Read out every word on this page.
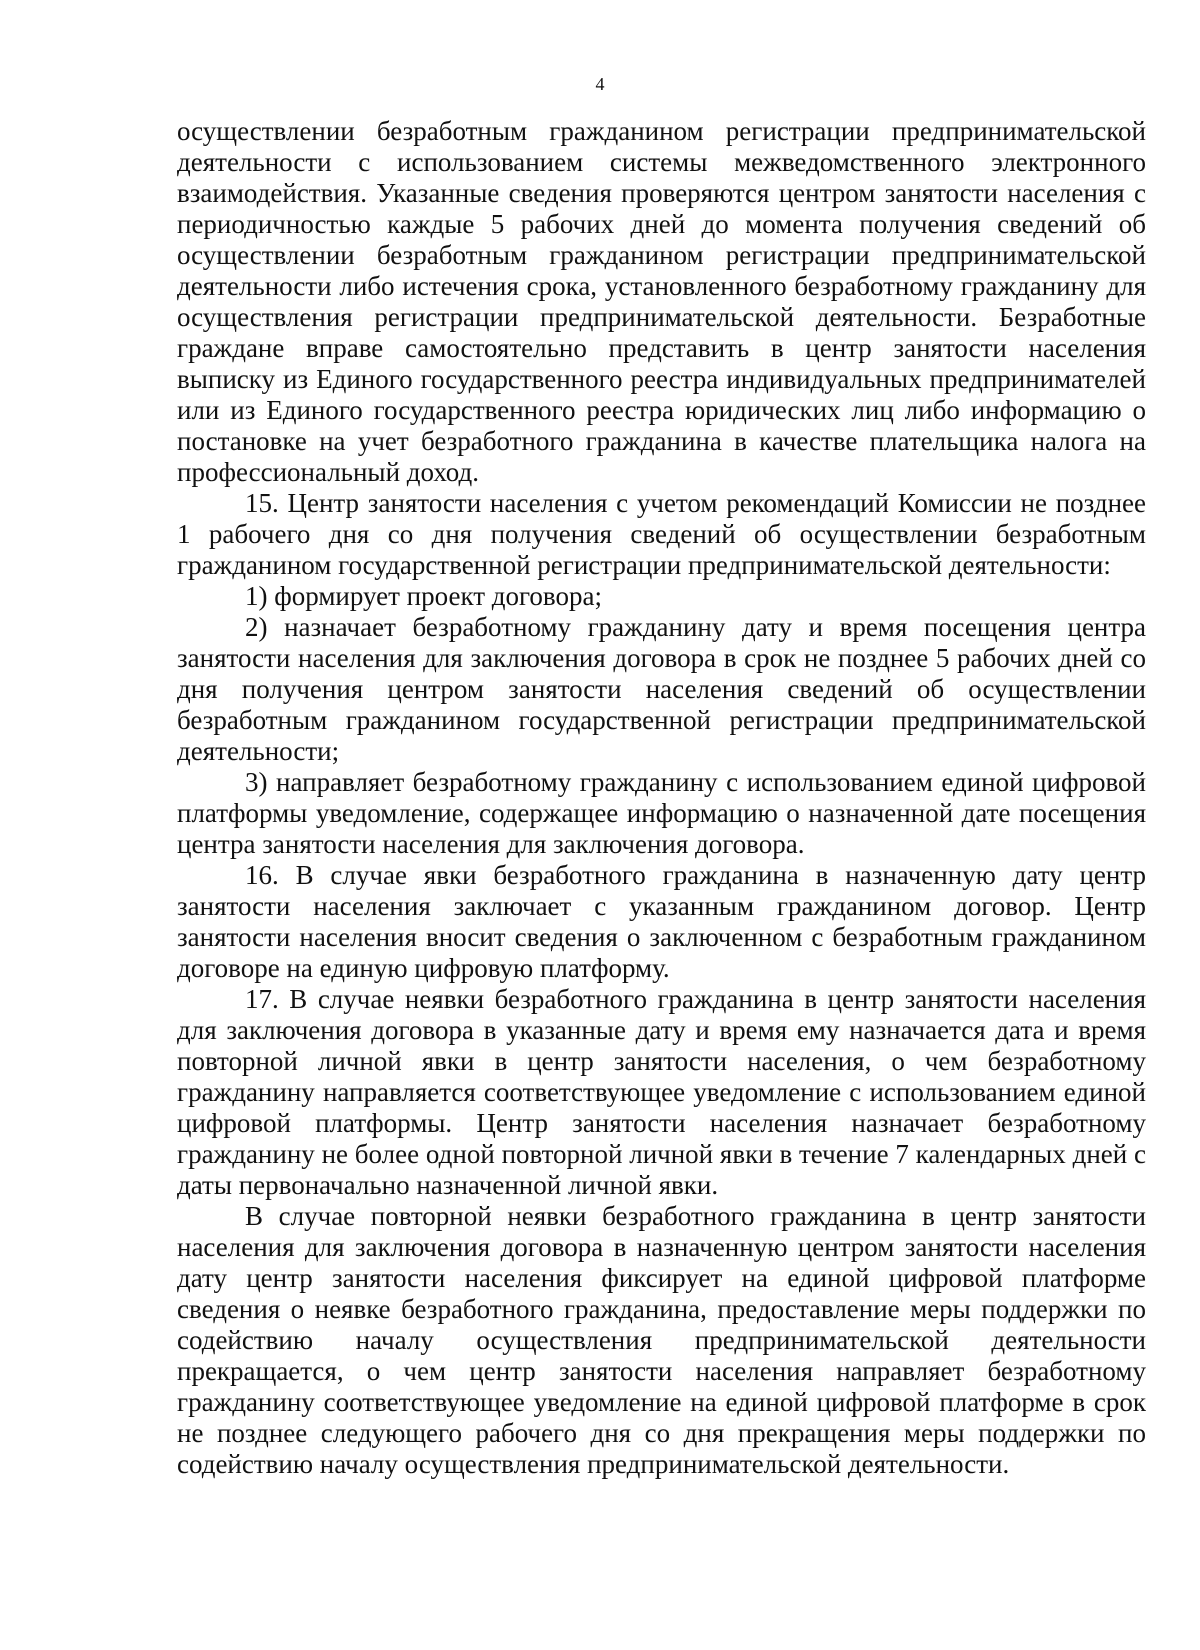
4

осуществлении безработным гражданином регистрации предпринимательской деятельности с использованием системы межведомственного электронного взаимодействия. Указанные сведения проверяются центром занятости населения с периодичностью каждые 5 рабочих дней до момента получения сведений об осуществлении безработным гражданином регистрации предпринимательской деятельности либо истечения срока, установленного безработному гражданину для осуществления регистрации предпринимательской деятельности. Безработные граждане вправе самостоятельно представить в центр занятости населения выписку из Единого государственного реестра индивидуальных предпринимателей или из Единого государственного реестра юридических лиц либо информацию о постановке на учет безработного гражданина в качестве плательщика налога на профессиональный доход.

15. Центр занятости населения с учетом рекомендаций Комиссии не позднее 1 рабочего дня со дня получения сведений об осуществлении безработным гражданином государственной регистрации предпринимательской деятельности:

1) формирует проект договора;

2) назначает безработному гражданину дату и время посещения центра занятости населения для заключения договора в срок не позднее 5 рабочих дней со дня получения центром занятости населения сведений об осуществлении безработным гражданином государственной регистрации предпринимательской деятельности;

3) направляет безработному гражданину с использованием единой цифровой платформы уведомление, содержащее информацию о назначенной дате посещения центра занятости населения для заключения договора.

16. В случае явки безработного гражданина в назначенную дату центр занятости населения заключает с указанным гражданином договор. Центр занятости населения вносит сведения о заключенном с безработным гражданином договоре на единую цифровую платформу.

17. В случае неявки безработного гражданина в центр занятости населения для заключения договора в указанные дату и время ему назначается дата и время повторной личной явки в центр занятости населения, о чем безработному гражданину направляется соответствующее уведомление с использованием единой цифровой платформы. Центр занятости населения назначает безработному гражданину не более одной повторной личной явки в течение 7 календарных дней с даты первоначально назначенной личной явки.

В случае повторной неявки безработного гражданина в центр занятости населения для заключения договора в назначенную центром занятости населения дату центр занятости населения фиксирует на единой цифровой платформе сведения о неявке безработного гражданина, предоставление меры поддержки по содействию началу осуществления предпринимательской деятельности прекращается, о чем центр занятости населения направляет безработному гражданину соответствующее уведомление на единой цифровой платформе в срок не позднее следующего рабочего дня со дня прекращения меры поддержки по содействию началу осуществления предпринимательской деятельности.
